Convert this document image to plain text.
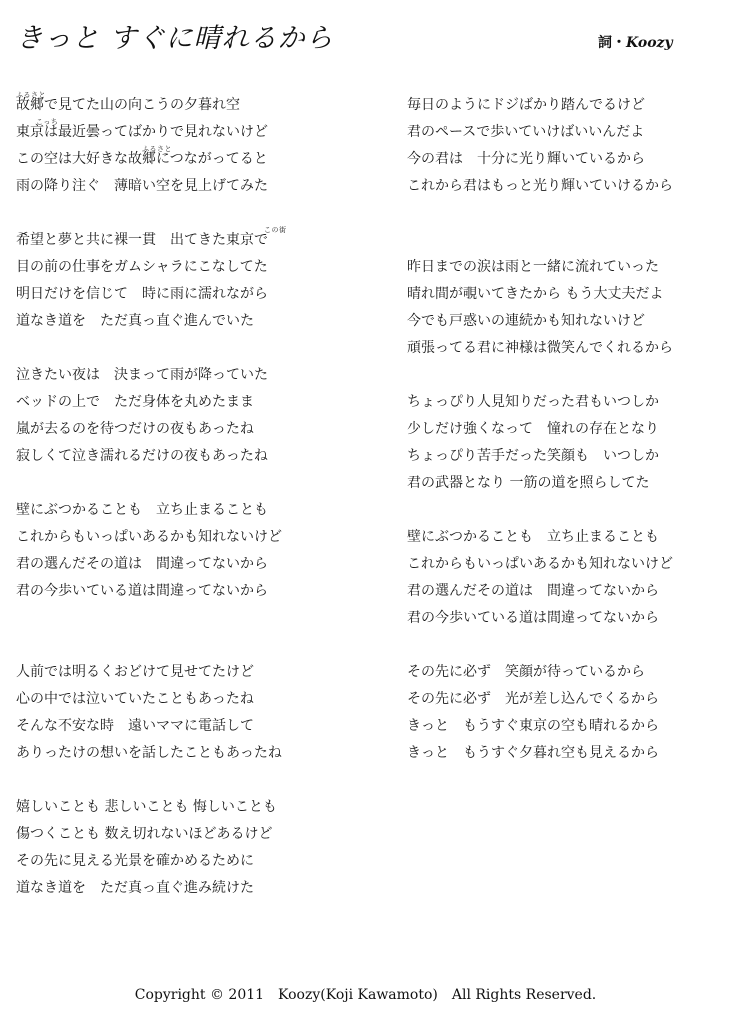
きっと すぐに晴れるから	詞・Koozy
ふるさと
故郷で見てた山の向こうの夕暮れ空
こっち
東京は最近曇ってばかりで見れないけど
ふるさと
この空は大好きな故郷につながってると
雨の降り注ぐ　薄暗い空を見上げてみた
この街
希望と夢と共に裸一貫　出てきた東京で
目の前の仕事をガムシャラにこなしてた
明日だけを信じて　時に雨に濡れながら
道なき道を　ただ真っ直ぐ進んでいた
泣きたい夜は　決まって雨が降っていた
ベッドの上で　ただ身体を丸めたまま
嵐が去るのを待つだけの夜もあったね
寂しくて泣き濡れるだけの夜もあったね
壁にぶつかることも　立ち止まることも
これからもいっぱいあるかも知れないけど
君の選んだその道は　間違ってないから
君の今歩いている道は間違ってないから
人前では明るくおどけて見せてたけど
心の中では泣いていたこともあったね
そんな不安な時　遠いママに電話して
ありったけの想いを話したこともあったね
嬉しいことも 悲しいことも 悔しいことも
傷つくことも 数え切れないほどあるけど
その先に見える光景を確かめるために
道なき道を　ただ真っ直ぐ進み続けた
毎日のようにドジばかり踏んでるけど
君のペースで歩いていけばいいんだよ
今の君は　十分に光り輝いているから
これから君はもっと光り輝いていけるから
昨日までの涙は雨と一緒に流れていった
晴れ間が覗いてきたから もう大丈夫だよ
今でも戸惑いの連続かも知れないけど
頑張ってる君に神様は微笑んでくれるから
ちょっぴり人見知りだった君もいつしか
少しだけ強くなって　憧れの存在となり
ちょっぴり苦手だった笑顔も　いつしか
君の武器となり 一筋の道を照らしてた
壁にぶつかることも　立ち止まることも
これからもいっぱいあるかも知れないけど
君の選んだその道は　間違ってないから
君の今歩いている道は間違ってないから
その先に必ず　笑顔が待っているから
その先に必ず　光が差し込んでくるから
きっと　もうすぐ東京の空も晴れるから
きっと　もうすぐ夕暮れ空も見えるから
Copyright © 2011　Koozy(Koji Kawamoto)　All Rights Reserved.
